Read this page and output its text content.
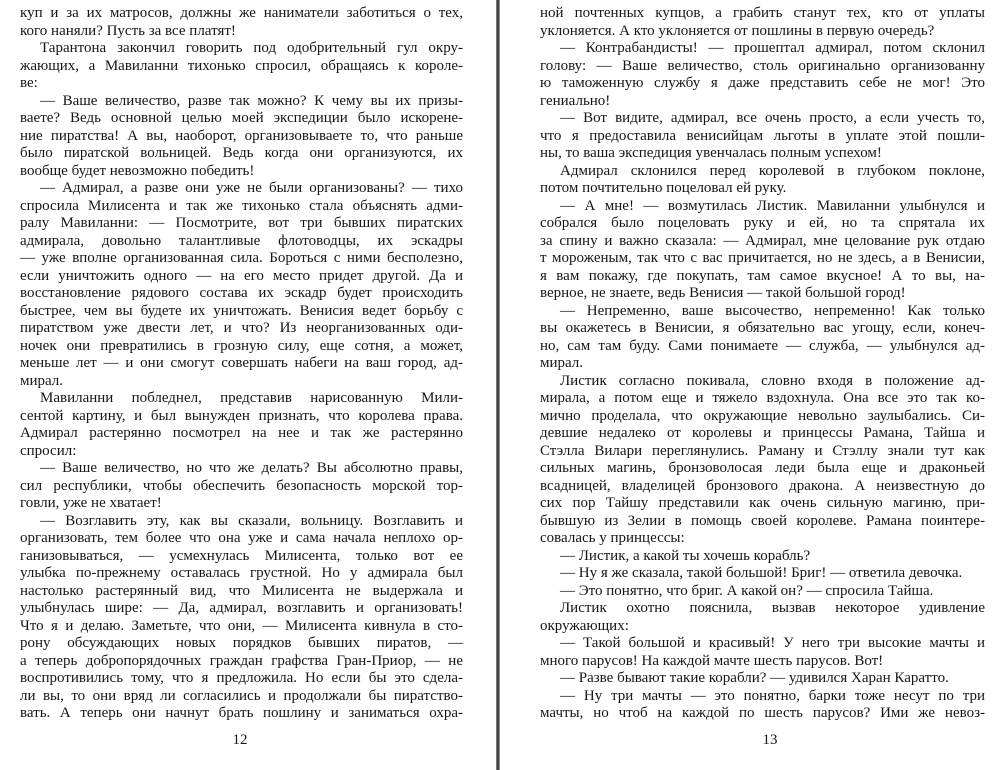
куп и за их матросов, должны же наниматели заботиться о тех,
кого наняли? Пусть за все платят!
Тарантона закончил говорить под одобрительный гул окру-
жающих, а Мавиланни тихонько спросил, обращаясь к короле-
ве:
— Ваше величество, разве так можно? К чему вы их призы-
ваете? Ведь основной целью моей экспедиции было искорене-
ние пиратства! А вы, наоборот, организовываете то, что раньше
было пиратской вольницей. Ведь когда они организуются, их
вообще будет невозможно победить!
— Адмирал, а разве они уже не были организованы? — тихо
спросила Милисента и так же тихонько стала объяснять адми-
ралу Мавиланни: — Посмотрите, вот три бывших пиратских
адмирала, довольно талантливые флотоводцы, их эскадры
— уже вполне организованная сила. Бороться с ними бесполезно,
если уничтожить одного — на его место придет другой. Да и
восстановление рядового состава их эскадр будет происходить
быстрее, чем вы будете их уничтожать. Венисия ведет борьбу с
пиратством уже двести лет, и что? Из неорганизованных оди-
ночек они превратились в грозную силу, еще сотня, а может,
меньше лет — и они смогут совершать набеги на ваш город, ад-
мирал.
Мавиланни побледнел, представив нарисованную Мили-
сентой картину, и был вынужден признать, что королева права.
Адмирал растерянно посмотрел на нее и так же растерянно
спросил:
— Ваше величество, но что же делать? Вы абсолютно правы,
сил республики, чтобы обеспечить безопасность морской тор-
говли, уже не хватает!
— Возглавить эту, как вы сказали, вольницу. Возглавить и
организовать, тем более что она уже и сама начала неплохо ор-
ганизовываться, — усмехнулась Милисента, только вот ее
улыбка по-прежнему оставалась грустной. Но у адмирала был
настолько растерянный вид, что Милисента не выдержала и
улыбнулась шире: — Да, адмирал, возглавить и организовать!
Что я и делаю. Заметьте, что они, — Милисента кивнула в сто-
рону обсуждающих новых порядков бывших пиратов, —
а теперь добропорядочных граждан графства Гран-Приор, — не
воспротивились тому, что я предложила. Но если бы это сдела-
ли вы, то они вряд ли согласились и продолжали бы пиратство-
вать. А теперь они начнут брать пошлину и заниматься охра-
12
ной почтенных купцов, а грабить станут тех, кто от уплаты
уклоняется. А кто уклоняется от пошлины в первую очередь?
— Контрабандисты! — прошептал адмирал, потом склонил
голову: — Ваше величество, столь оригинально организованну
ю таможенную службу я даже представить себе не мог! Это
гениально!
— Вот видите, адмирал, все очень просто, а если учесть то,
что я предоставила венисийцам льготы в уплате этой пошли-
ны, то ваша экспедиция увенчалась полным успехом!
Адмирал склонился перед королевой в глубоком поклоне,
потом почтительно поцеловал ей руку.
— А мне! — возмутилась Листик. Мавиланни улыбнулся и
собрался было поцеловать руку и ей, но та спрятала их
за спину и важно сказала: — Адмирал, мне целование рук отдаю
т мороженым, так что с вас причитается, но не здесь, а в Венисии,
я вам покажу, где покупать, там самое вкусное! А то вы, на-
верное, не знаете, ведь Венисия — такой большой город!
— Непременно, ваше высочество, непременно! Как только
вы окажетесь в Венисии, я обязательно вас угощу, если, конеч-
но, сам там буду. Сами понимаете — служба, — улыбнулся ад-
мирал.
Листик согласно покивала, словно входя в положение ад-
мирала, а потом еще и тяжело вздохнула. Она все это так ко-
мично проделала, что окружающие невольно заулыбались. Си-
девшие недалеко от королевы и принцессы Рамана, Тайша и
Стэлла Вилари переглянулись. Раману и Стэллу знали тут как
сильных магинь, бронзоволосая леди была еще и драконьей
всадницей, владелицей бронзового дракона. А неизвестную до
сих пор Тайшу представили как очень сильную магиню, при-
бывшую из Зелии в помощь своей королеве. Рамана поинтере-
совалась у принцессы:
— Листик, а какой ты хочешь корабль?
— Ну я же сказала, такой большой! Бриг! — ответила девочка.
— Это понятно, что бриг. А какой он? — спросила Тайша.
Листик охотно пояснила, вызвав некоторое удивление
окружающих:
— Такой большой и красивый! У него три высокие мачты и
много парусов! На каждой мачте шесть парусов. Вот!
— Разве бывают такие корабли? — удивился Харан Каратто.
— Ну три мачты — это понятно, барки тоже несут по три
мачты, но чтоб на каждой по шесть парусов? Ими же невоз-
13
